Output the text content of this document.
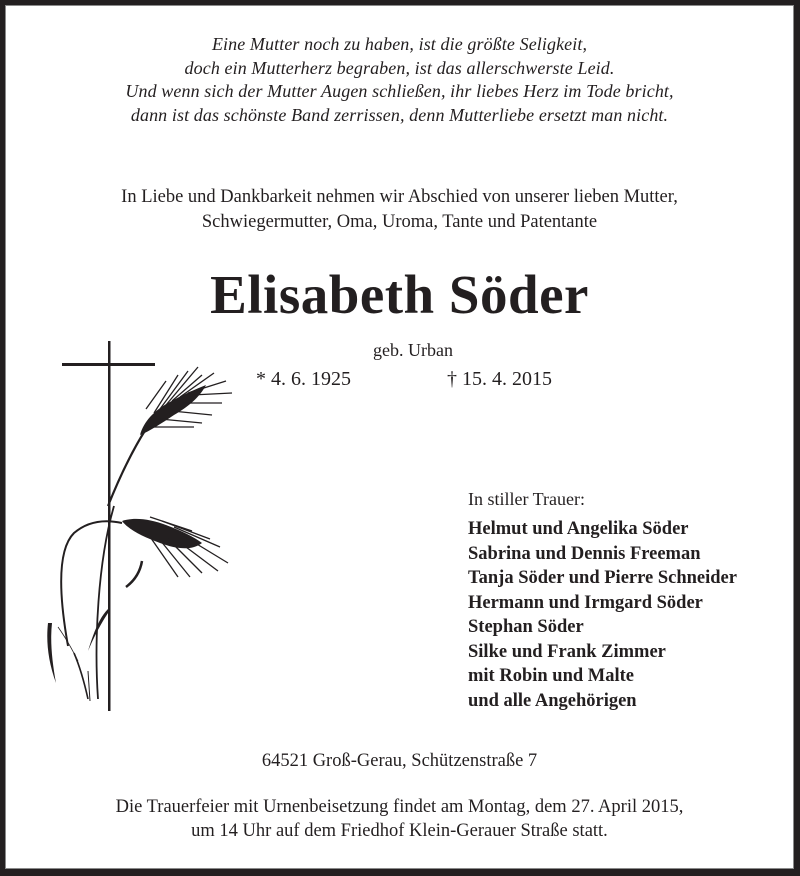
Eine Mutter noch zu haben, ist die größte Seligkeit,
doch ein Mutterherz begraben, ist das allerschwerste Leid.
Und wenn sich der Mutter Augen schließen, ihr liebes Herz im Tode bricht,
dann ist das schönste Band zerrissen, denn Mutterliebe ersetzt man nicht.
In Liebe und Dankbarkeit nehmen wir Abschied von unserer lieben Mutter,
Schwiegermutter, Oma, Uroma, Tante und Patentante
Elisabeth Söder
geb. Urban
* 4. 6. 1925	† 15. 4. 2015
In stiller Trauer:
Helmut und Angelika Söder
Sabrina und Dennis Freeman
Tanja Söder und Pierre Schneider
Hermann und Irmgard Söder
Stephan Söder
Silke und Frank Zimmer
mit Robin und Malte
und alle Angehörigen
64521 Groß-Gerau, Schützenstraße 7
Die Trauerfeier mit Urnenbeisetzung findet am Montag, dem 27. April 2015,
um 14 Uhr auf dem Friedhof Klein-Gerauer Straße statt.
